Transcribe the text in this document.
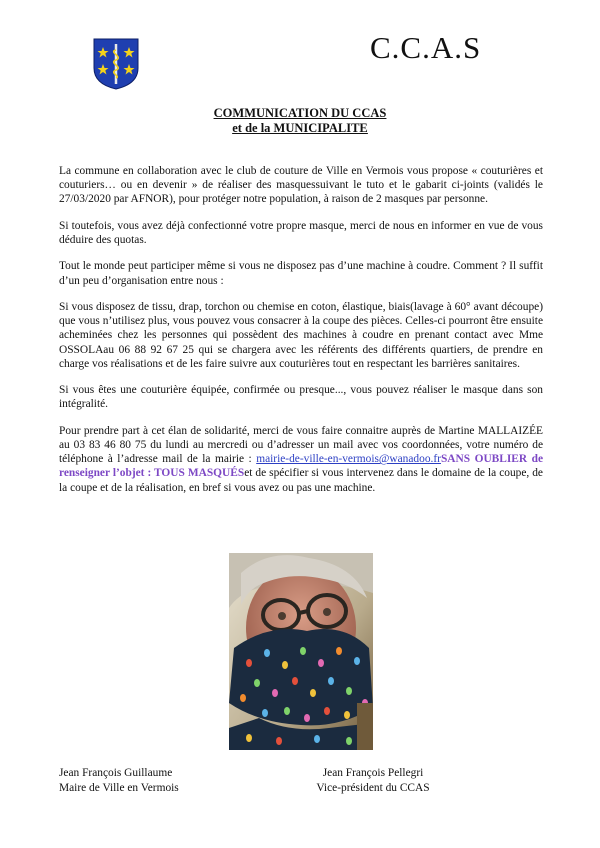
C.C.A.S
COMMUNICATION DU CCAS
et de la MUNICIPALITE

La commune en collaboration avec le club de couture de Ville en Vermois vous propose « couturières et couturiers… ou en devenir » de réaliser des masquessuivant le tuto et le gabarit ci-joints (validés le 27/03/2020 par AFNOR), pour protéger notre population, à raison de 2 masques par personne.

Si toutefois, vous avez déjà confectionné votre propre masque, merci de nous en informer en vue de vous déduire des quotas.

Tout le monde peut participer même si vous ne disposez pas d’une machine à coudre. Comment ? Il suffit d’un peu d’organisation entre nous :

Si vous disposez de tissu, drap, torchon ou chemise en coton, élastique, biais(lavage à 60° avant découpe) que vous n’utilisez plus, vous pouvez vous consacrer à la coupe des pièces. Celles-ci pourront être ensuite acheminées chez les personnes qui possèdent des machines à coudre en prenant contact avec Mme OSSOLAau 06 88 92 67 25 qui se chargera avec les référents des différents quartiers, de prendre en charge vos réalisations et de les faire suivre aux couturières tout en respectant les barrières sanitaires.

Si vous êtes une couturière équipée, confirmée ou presque..., vous pouvez réaliser le masque dans son intégralité.

Pour prendre part à cet élan de solidarité, merci de vous faire connaitre auprès de Martine MALLAIZÉE au 03 83 46 80 75 du lundi au mercredi ou d’adresser un mail avec vos coordonnées, votre numéro de téléphone à l’adresse mail de la mairie : mairie-de-ville-en-vermois@wanadoo.frSANS OUBLIER de renseigner l’objet : TOUS MASQUÉSet de spécifier si vous intervenez dans le domaine de la coupe, de la coupe et de la réalisation, en bref si vous avez ou pas une machine.

Jean François Guillaume
Maire de Ville en Vermois
Jean François Pellegri
Vice-président du CCAS
